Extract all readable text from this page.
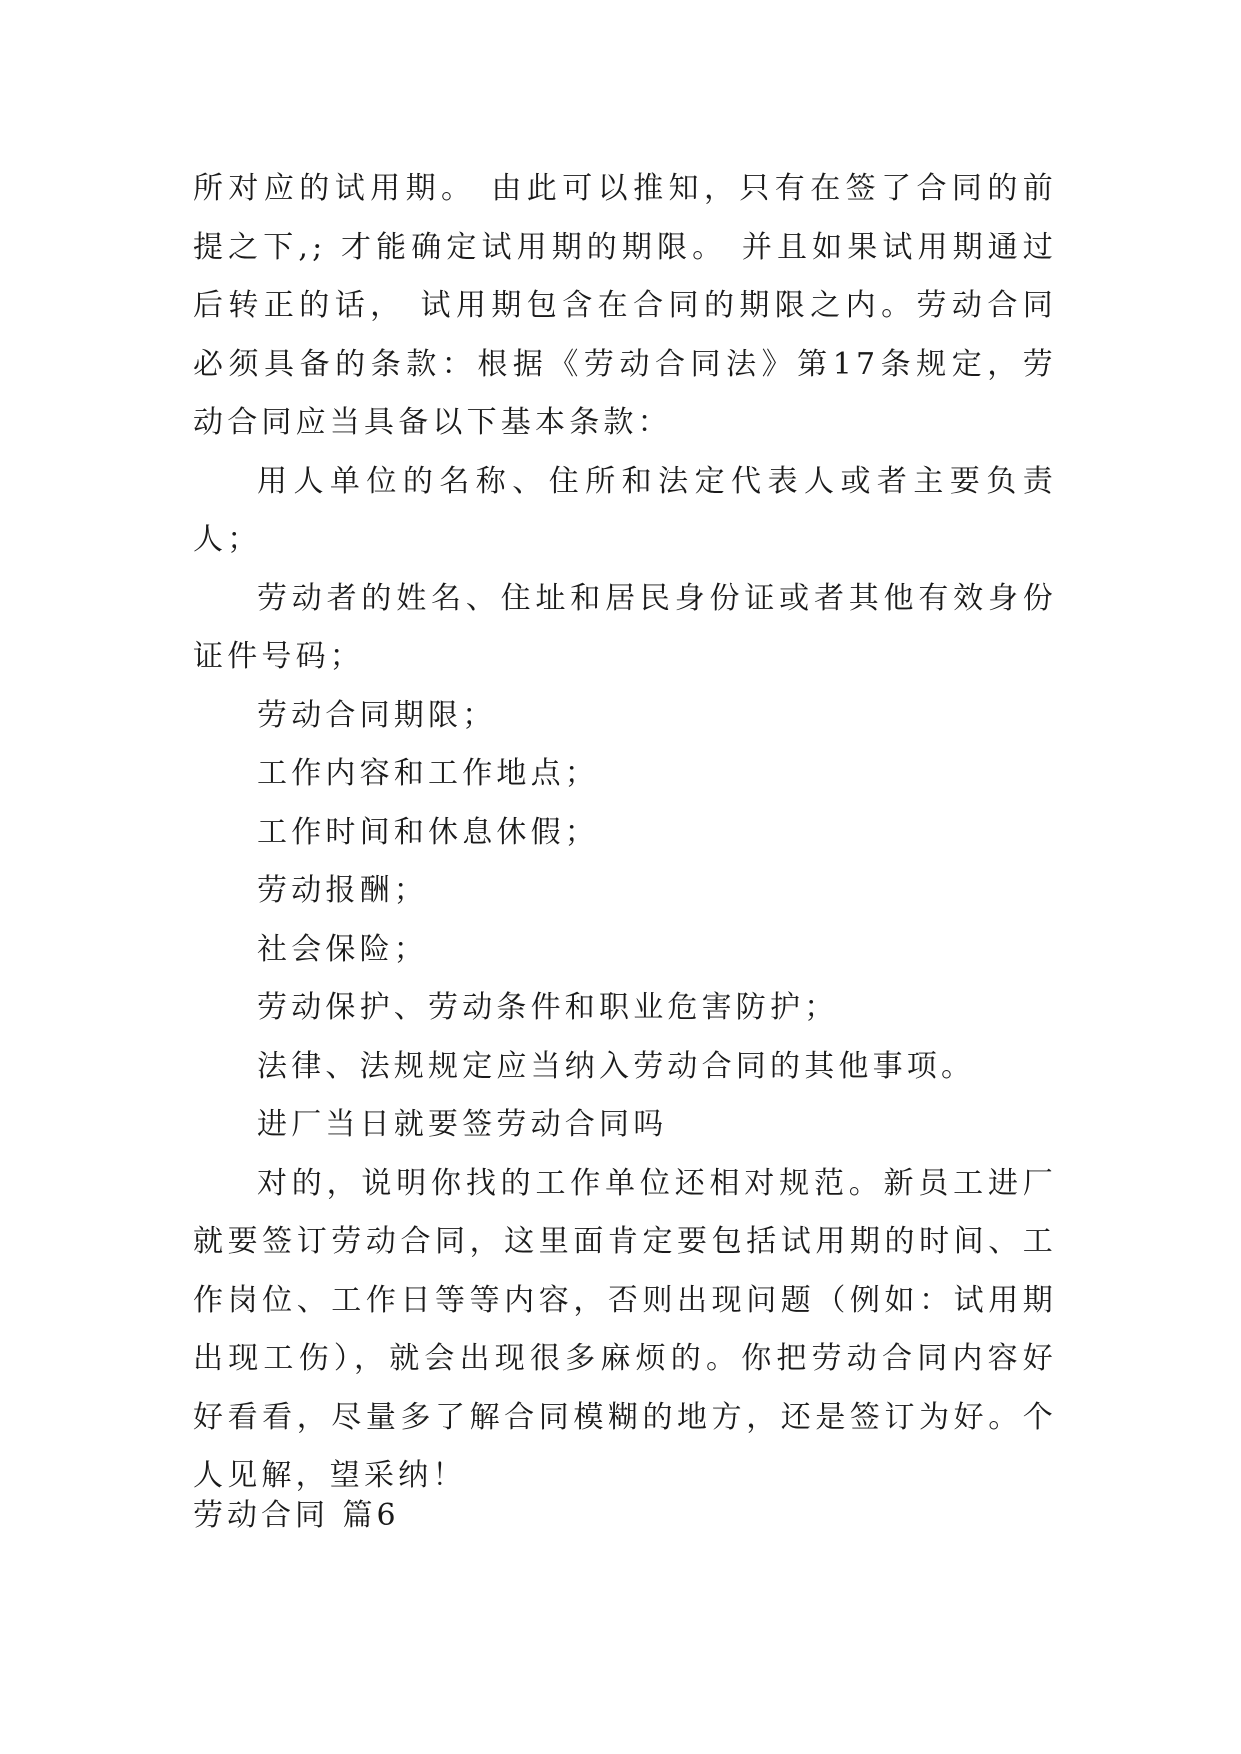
所对应的试用期。 由此可以推知，只有在签了合同的前提之下,; 才能确定试用期的期限。 并且如果试用期通过后转正的话， 试用期包含在合同的期限之内。劳动合同必须具备的条款：根据《劳动合同法》第17条规定，劳动合同应当具备以下基本条款：

用人单位的名称、住所和法定代表人或者主要负责人；

劳动者的姓名、住址和居民身份证或者其他有效身份证件号码；

劳动合同期限；

工作内容和工作地点；

工作时间和休息休假；

劳动报酬；

社会保险；

劳动保护、劳动条件和职业危害防护；

法律、法规规定应当纳入劳动合同的其他事项。

进厂当日就要签劳动合同吗

对的，说明你找的工作单位还相对规范。新员工进厂就要签订劳动合同，这里面肯定要包括试用期的时间、工作岗位、工作日等等内容，否则出现问题（例如：试用期出现工伤），就会出现很多麻烦的。你把劳动合同内容好好看看，尽量多了解合同模糊的地方，还是签订为好。个人见解，望采纳！

劳动合同 篇6
